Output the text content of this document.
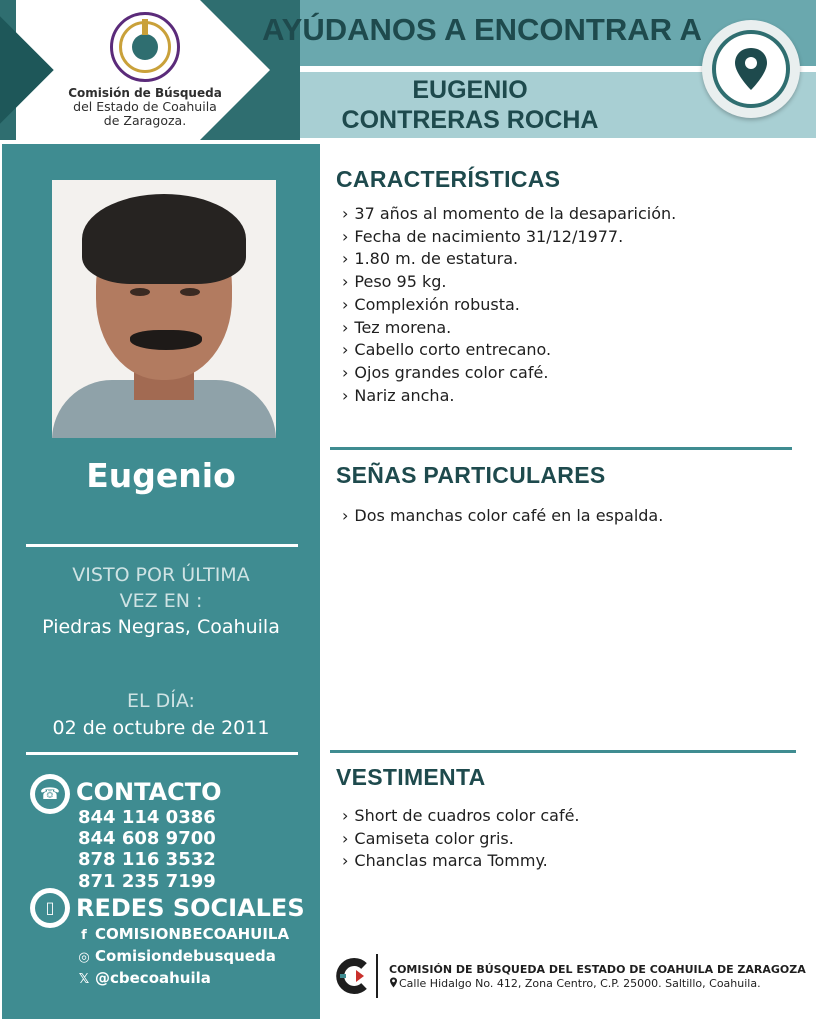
Comisión de Búsqueda
del Estado de Coahuila
de Zaragoza.
AYÚDANOS A ENCONTRAR A
EUGENIO
CONTRERAS ROCHA
Eugenio
VISTO POR ÚLTIMA
VEZ EN :
Piedras Negras, Coahuila
EL DÍA:
02 de octubre de 2011
☎ CONTACTO
844 114 0386
844 608 9700
878 116 3532
871 235 7199
▯ REDES SOCIALES
f COMISIONBECOAHUILA
◎ Comisiondebusqueda
𝕏 @cbecoahuila
CARACTERÍSTICAS
› 37 años al momento de la desaparición.
› Fecha de nacimiento 31/12/1977.
› 1.80 m. de estatura.
› Peso 95 kg.
› Complexión robusta.
› Tez morena.
› Cabello corto entrecano.
› Ojos grandes color café.
› Nariz ancha.
SEÑAS PARTICULARES
› Dos manchas color café en la espalda.
VESTIMENTA
› Short de cuadros color café.
› Camiseta color gris.
› Chanclas marca Tommy.
COMISIÓN DE BÚSQUEDA DEL ESTADO DE COAHUILA DE ZARAGOZA
Calle Hidalgo No. 412, Zona Centro, C.P. 25000. Saltillo, Coahuila.
